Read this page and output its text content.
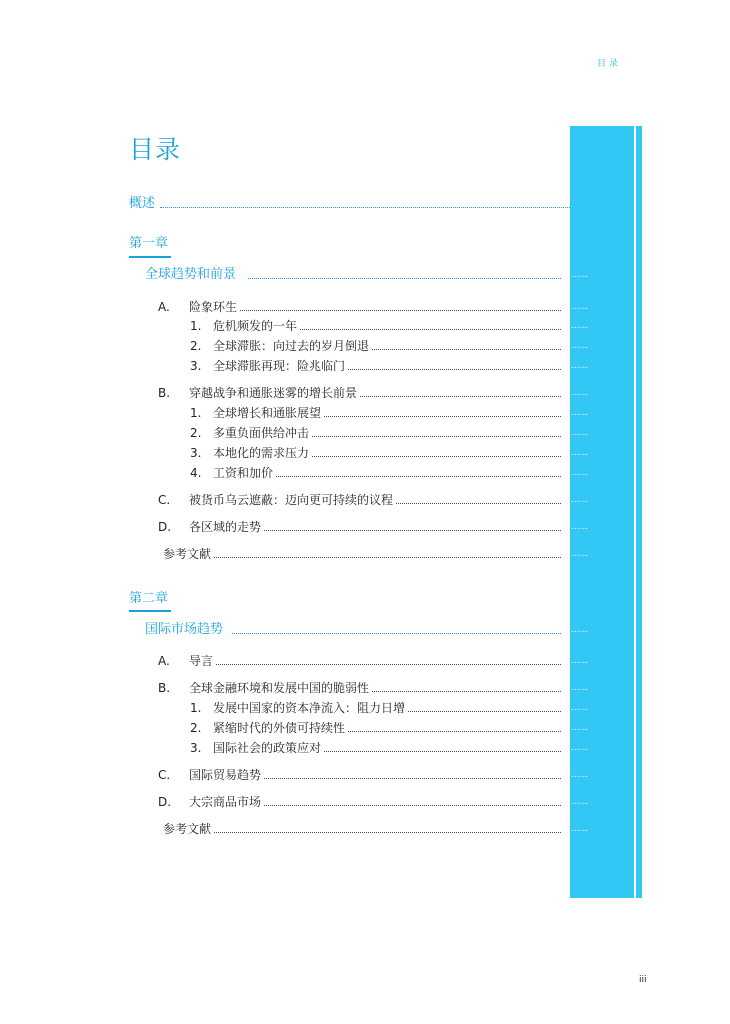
目录
目录
概述
第一章
全球趋势和前景	......
A. 险象环生	......
1. 危机频发的一年	......
2. 全球滞胀：向过去的岁月倒退	......
3. 全球滞胀再现：险兆临门	......
B. 穿越战争和通胀迷雾的增长前景	......
1. 全球增长和通胀展望	......
2. 多重负面供给冲击	......
3. 本地化的需求压力	......
4. 工资和加价	......
C. 被货币乌云遮蔽：迈向更可持续的议程	......
D. 各区域的走势	......
参考文献	......
第二章
国际市场趋势	......
A. 导言	......
B. 全球金融环境和发展中国的脆弱性	......
1. 发展中国家的资本净流入：阻力日增	......
2. 紧缩时代的外债可持续性	......
3. 国际社会的政策应对	......
C. 国际贸易趋势	......
D. 大宗商品市场	......
参考文献	......
iii
